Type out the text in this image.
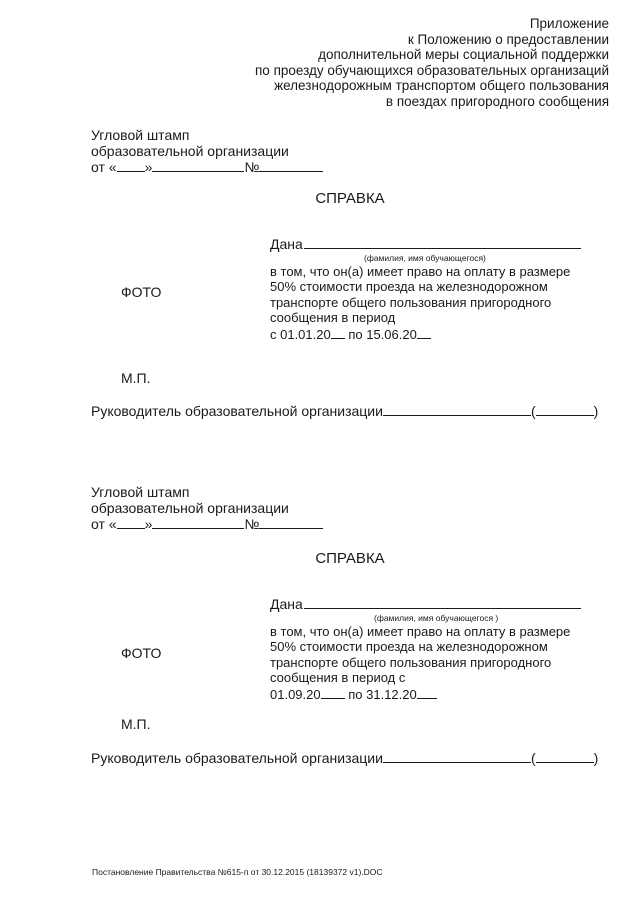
Приложение
к Положению о предоставлении
дополнительной меры социальной поддержки
по проезду обучающихся образовательных организаций
железнодорожным транспортом общего пользования
в поездах пригородного сообщения
Угловой штамп
образовательной организации
от « »	№
СПРАВКА
ФОТО
Дана
(фамилия, имя обучающегося)
в том, что он(а) имеет право на оплату в размере
50% стоимости проезда на железнодорожном
транспорте общего пользования пригородного
сообщения в период
с 01.01.20 по 15.06.20
М.П.
Руководитель образовательной организации	(	)
Угловой штамп
образовательной организации
от « »	№
СПРАВКА
ФОТО
Дана
(фамилия, имя обучающегося )
в том, что он(а) имеет право на оплату в размере
50% стоимости проезда на железнодорожном
транспорте общего пользования пригородного
сообщения в период с
01.09.20 по 31.12.20
М.П.
Руководитель образовательной организации	(	)
Постановление Правительства №615-п от 30.12.2015 (18139372 v1).DOC
